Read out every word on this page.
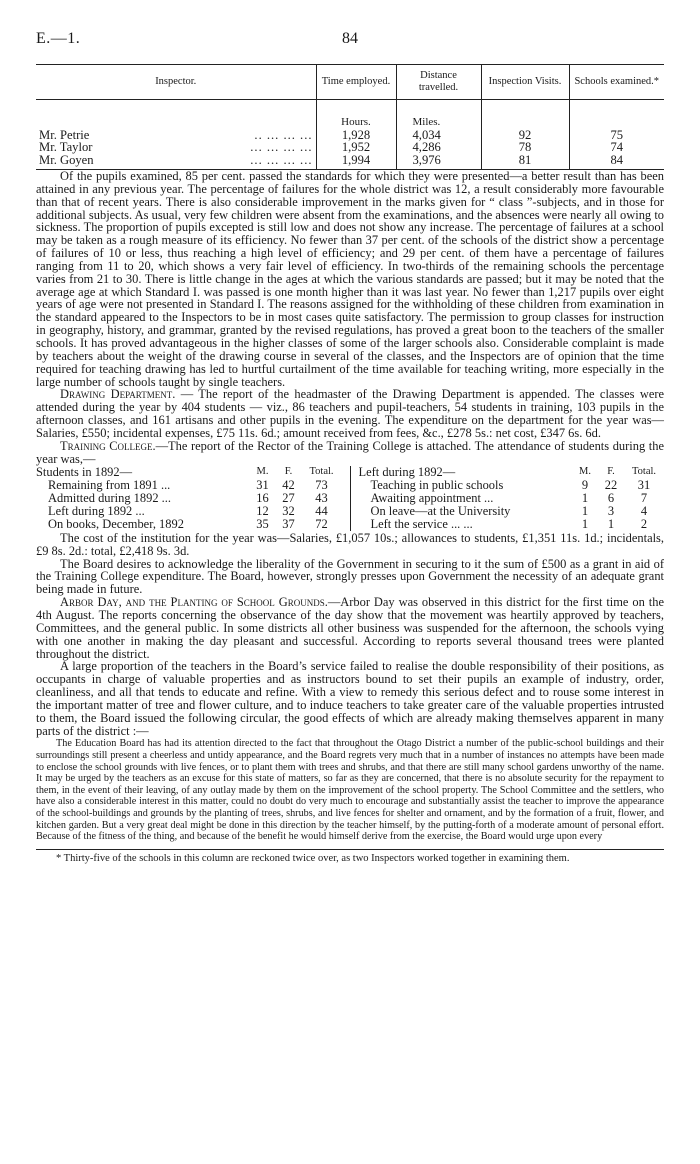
E.—1.	84
Inspector.	Time employed.	Distance travelled.	Inspection Visits.	Schools examined.*
	Hours.	Miles.		

Mr. Petrie .. ... ... ...	1,928	4,034	92	75

Mr. Taylor ... ... ... ...	1,952	4,286	78	74

Mr. Goyen ... ... ... ...	1,994	3,976	81	84

Of the pupils examined, 85 per cent. passed the standards for which they were presented—a better result than has been attained in any previous year. The percentage of failures for the whole district was 12, a result considerably more favourable than that of recent years. There is also considerable improvement in the marks given for “ class ”-subjects, and in those for additional subjects. As usual, very few children were absent from the examinations, and the absences were nearly all owing to sickness. The proportion of pupils excepted is still low and does not show any increase. The percentage of failures at a school may be taken as a rough measure of its efficiency. No fewer than 37 per cent. of the schools of the district show a percentage of failures of 10 or less, thus reaching a high level of efficiency; and 29 per cent. of them have a percentage of failures ranging from 11 to 20, which shows a very fair level of efficiency. In two-thirds of the remaining schools the percentage varies from 21 to 30. There is little change in the ages at which the various standards are passed; but it may be noted that the average age at which Standard I. was passed is one month higher than it was last year. No fewer than 1,217 pupils over eight years of age were not presented in Standard I. The reasons assigned for the withholding of these children from examination in the standard appeared to the Inspectors to be in most cases quite satisfactory. The permission to group classes for instruction in geography, history, and grammar, granted by the revised regulations, has proved a great boon to the teachers of the smaller schools. It has proved advantageous in the higher classes of some of the larger schools also. Considerable complaint is made by teachers about the weight of the drawing course in several of the classes, and the Inspectors are of opinion that the time required for teaching drawing has led to hurtful curtailment of the time available for teaching writing, more especially in the large number of schools taught by single teachers.

Drawing Department. — The report of the headmaster of the Drawing Department is appended. The classes were attended during the year by 404 students — viz., 86 teachers and pupil-teachers, 54 students in training, 103 pupils in the afternoon classes, and 161 artisans and other pupils in the evening. The expenditure on the department for the year was—Salaries, £550; incidental expenses, £75 11s. 6d.; amount received from fees, &c., £278 5s.: net cost, £347 6s. 6d.

Training College.—The report of the Rector of the Training College is attached. The attendance of students during the year was,—

Students in 1892—	M.	F.	Total.
Remaining from 1891 ...	31	42	73
Admitted during 1892 ...	16	27	43
Left during 1892 ...	12	32	44
On books, December, 1892	35	37	72
Left during 1892—	M.	F.	Total.
Teaching in public schools	9	22	31
Awaiting appointment ...	1	6	7
On leave—at the University	1	3	4
Left the service ... ...	1	1	2

The cost of the institution for the year was—Salaries, £1,057 10s.; allowances to students, £1,351 11s. 1d.; incidentals, £9 8s. 2d.: total, £2,418 9s. 3d.

The Board desires to acknowledge the liberality of the Government in securing to it the sum of £500 as a grant in aid of the Training College expenditure. The Board, however, strongly presses upon Government the necessity of an adequate grant being made in future.

Arbor Day, and the Planting of School Grounds.—Arbor Day was observed in this district for the first time on the 4th August. The reports concerning the observance of the day show that the movement was heartily approved by teachers, Committees, and the general public. In some districts all other business was suspended for the afternoon, the schools vying with one another in making the day pleasant and successful. According to reports several thousand trees were planted throughout the district.

A large proportion of the teachers in the Board’s service failed to realise the double responsibility of their positions, as occupants in charge of valuable properties and as instructors bound to set their pupils an example of industry, order, cleanliness, and all that tends to educate and refine. With a view to remedy this serious defect and to rouse some interest in the important matter of tree and flower culture, and to induce teachers to take greater care of the valuable properties intrusted to them, the Board issued the following circular, the good effects of which are already making themselves apparent in many parts of the district :—

The Education Board has had its attention directed to the fact that throughout the Otago District a number of the public-school buildings and their surroundings still present a cheerless and untidy appearance, and the Board regrets very much that in a number of instances no attempts have been made to enclose the school grounds with live fences, or to plant them with trees and shrubs, and that there are still many school gardens unworthy of the name. It may be urged by the teachers as an excuse for this state of matters, so far as they are concerned, that there is no absolute security for the repayment to them, in the event of their leaving, of any outlay made by them on the improvement of the school property. The School Committee and the settlers, who have also a considerable interest in this matter, could no doubt do very much to encourage and substantially assist the teacher to improve the appearance of the school-buildings and grounds by the planting of trees, shrubs, and live fences for shelter and ornament, and by the formation of a fruit, flower, and kitchen garden. But a very great deal might be done in this direction by the teacher himself, by the putting-forth of a moderate amount of personal effort. Because of the fitness of the thing, and because of the benefit he would himself derive from the exercise, the Board would urge upon every

* Thirty-five of the schools in this column are reckoned twice over, as two Inspectors worked together in examining them.
